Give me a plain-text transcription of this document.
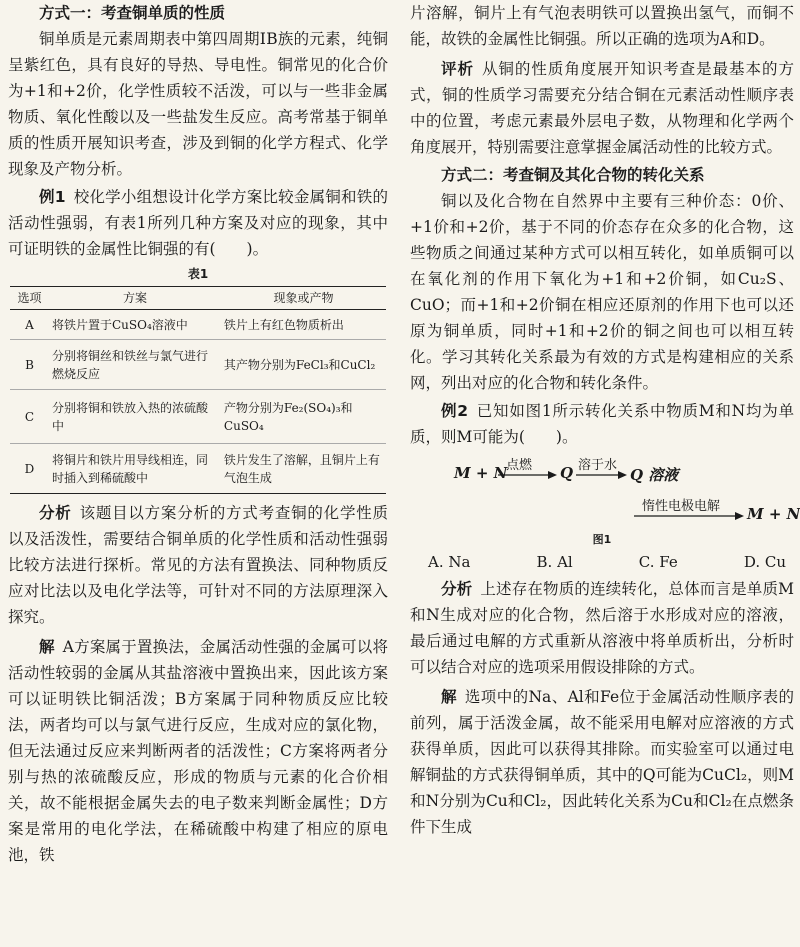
方式一：考查铜单质的性质

铜单质是元素周期表中第四周期ⅠB族的元素，纯铜呈紫红色，具有良好的导热、导电性。铜常见的化合价为+1和+2价，化学性质较不活泼，可以与一些非金属物质、氧化性酸以及一些盐发生反应。高考常基于铜单质的性质开展知识考查，涉及到铜的化学方程式、化学现象及产物分析。

例1 校化学小组想设计化学方案比较金属铜和铁的活动性强弱，有表1所列几种方案及对应的现象，其中可证明铁的金属性比铜强的有(　　)。

表1
选项	方案	现象或产物
A	将铁片置于CuSO₄溶液中	铁片上有红色物质析出
B	分别将铜丝和铁丝与氯气进行燃烧反应	其产物分别为FeCl₃和CuCl₂
C	分别将铜和铁放入热的浓硫酸中	产物分别为Fe₂(SO₄)₃和CuSO₄
D	将铜片和铁片用导线相连，同时插入到稀硫酸中	铁片发生了溶解，且铜片上有气泡生成

分析 该题目以方案分析的方式考查铜的化学性质以及活泼性，需要结合铜单质的化学性质和活动性强弱比较方法进行探析。常见的方法有置换法、同种物质反应对比法以及电化学法等，可针对不同的方法原理深入探究。

解 A方案属于置换法，金属活动性强的金属可以将活动性较弱的金属从其盐溶液中置换出来，因此该方案可以证明铁比铜活泼；B方案属于同种物质反应比较法，两者均可以与氯气进行反应，生成对应的氯化物，但无法通过反应来判断两者的活泼性；C方案将两者分别与热的浓硫酸反应，形成的物质与元素的化合价相关，故不能根据金属失去的电子数来判断金属性；D方案是常用的电化学法，在稀硫酸中构建了相应的原电池，铁

片溶解，铜片上有气泡表明铁可以置换出氢气，而铜不能，故铁的金属性比铜强。所以正确的选项为A和D。

评析 从铜的性质角度展开知识考查是最基本的方式，铜的性质学习需要充分结合铜在元素活动性顺序表中的位置，考虑元素最外层电子数，从物理和化学两个角度展开，特别需要注意掌握金属活动性的比较方式。

方式二：考查铜及其化合物的转化关系

铜以及化合物在自然界中主要有三种价态：0价、+1价和+2价，基于不同的价态存在众多的化合物，这些物质之间通过某种方式可以相互转化，如单质铜可以在氧化剂的作用下氧化为+1和+2价铜，如Cu₂S、CuO；而+1和+2价铜在相应还原剂的作用下也可以还原为铜单质，同时+1和+2价的铜之间也可以相互转化。学习其转化关系最为有效的方式是构建相应的关系网，列出对应的化合物和转化条件。

例2 已知如图1所示转化关系中物质M和N均为单质，则M可能为(　　)。

M + N
点燃 Q 溶于水
Q 溶液
惰性电极电解 M + N
图1
A. Na	B. Al	C. Fe	D. Cu

分析 上述存在物质的连续转化，总体而言是单质M和N生成对应的化合物，然后溶于水形成对应的溶液，最后通过电解的方式重新从溶液中将单质析出，分析时可以结合对应的选项采用假设排除的方式。

解 选项中的Na、Al和Fe位于金属活动性顺序表的前列，属于活泼金属，故不能采用电解对应溶液的方式获得单质，因此可以获得其排除。而实验室可以通过电解铜盐的方式获得铜单质，其中的Q可能为CuCl₂，则M和N分别为Cu和Cl₂，因此转化关系为Cu和Cl₂在点燃条件下生成
